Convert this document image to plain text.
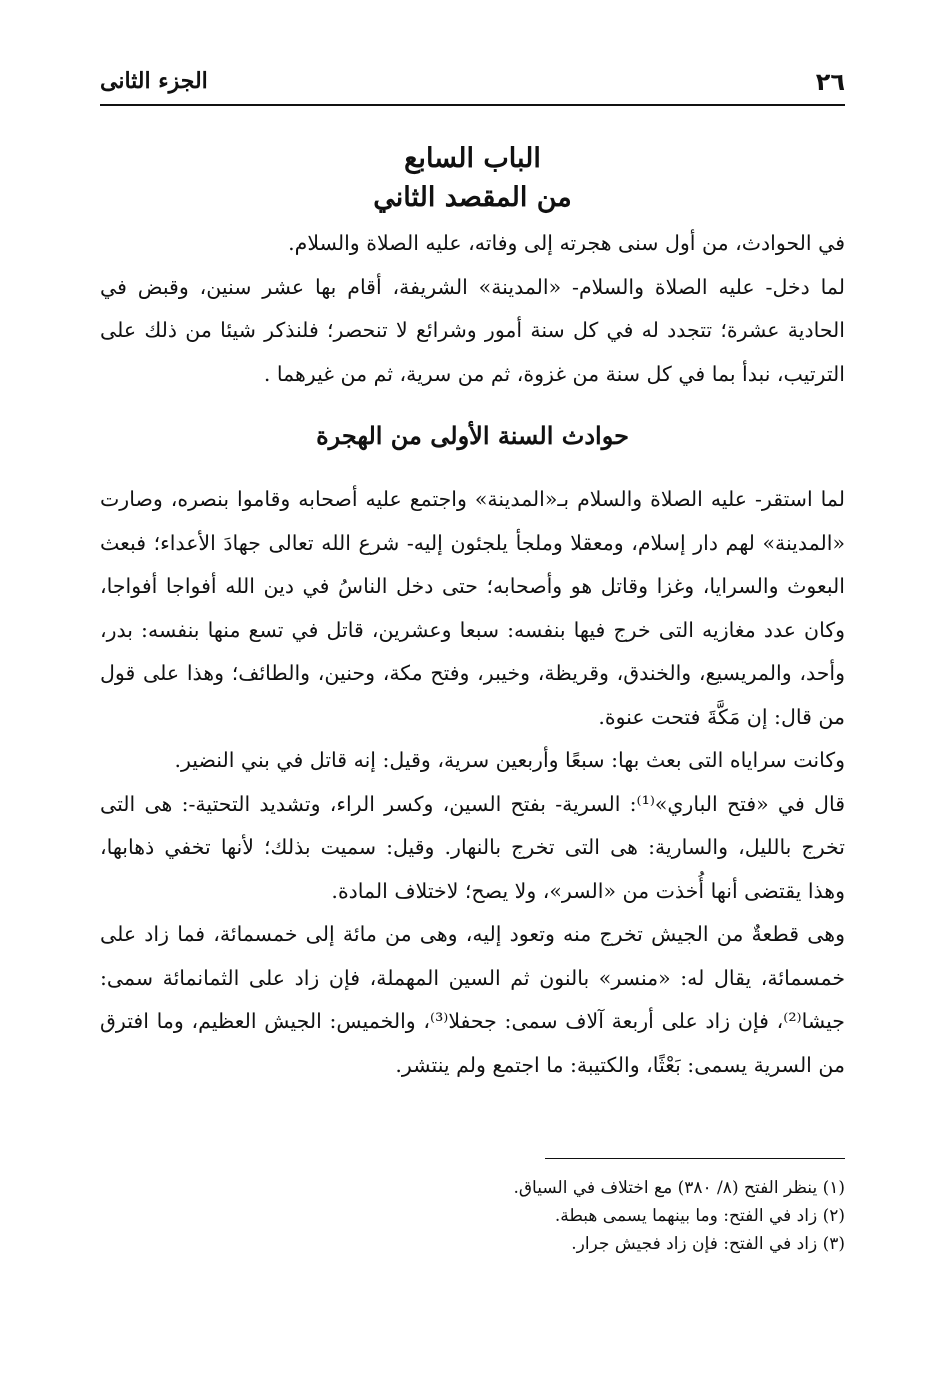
٢٦
الجزء الثانى
الباب السابع
من المقصد الثاني

في الحوادث، من أول سنى هجرته إلى وفاته، عليه الصلاة والسلام.

لما دخل- عليه الصلاة والسلام- «المدينة» الشريفة، أقام بها عشر سنين، وقبض في الحادية عشرة؛ تتجدد له في كل سنة أمور وشرائع لا تنحصر؛ فلنذكر شيئا من ذلك على الترتيب، نبدأ بما في كل سنة من غزوة، ثم من سرية، ثم من غيرهما .

حوادث السنة الأولى من الهجرة

لما استقر- عليه الصلاة والسلام بـ«المدينة» واجتمع عليه أصحابه وقاموا بنصره، وصارت «المدينة» لهم دار إسلام، ومعقلا وملجأ يلجئون إليه- شرع الله تعالى جهادَ الأعداء؛ فبعث البعوث والسرايا، وغزا وقاتل هو وأصحابه؛ حتى دخل الناسُ في دين الله أفواجا أفواجا، وكان عدد مغازيه التى خرج فيها بنفسه: سبعا وعشرين، قاتل في تسع منها بنفسه: بدر، وأحد، والمريسيع، والخندق، وقريظة، وخيبر، وفتح مكة، وحنين، والطائف؛ وهذا على قول من قال: إن مَكَّةَ فتحت عنوة.

وكانت سراياه التى بعث بها: سبعًا وأربعين سرية، وقيل: إنه قاتل في بني النضير.

قال في «فتح الباري»⁽¹⁾: السرية- بفتح السين، وكسر الراء، وتشديد التحتية-: هى التى تخرج بالليل، والسارية: هى التى تخرج بالنهار. وقيل: سميت بذلك؛ لأنها تخفي ذهابها، وهذا يقتضى أنها أُخذت من «السر»، ولا يصح؛ لاختلاف المادة.

وهى قطعةٌ من الجيش تخرج منه وتعود إليه، وهى من مائة إلى خمسمائة، فما زاد على خمسمائة، يقال له: «منسر» بالنون ثم السين المهملة، فإن زاد على الثمانمائة سمى: جيشا⁽²⁾، فإن زاد على أربعة آلاف سمى: جحفلا⁽³⁾، والخميس: الجيش العظيم، وما افترق من السرية يسمى: بَعْثًا، والكتيبة: ما اجتمع ولم ينتشر.

(١) ينظر الفتح (٨/ ٣٨٠) مع اختلاف في السياق.

(٢) زاد في الفتح: وما بينهما يسمى هبطة.

(٣) زاد في الفتح: فإن زاد فجيش جرار.
